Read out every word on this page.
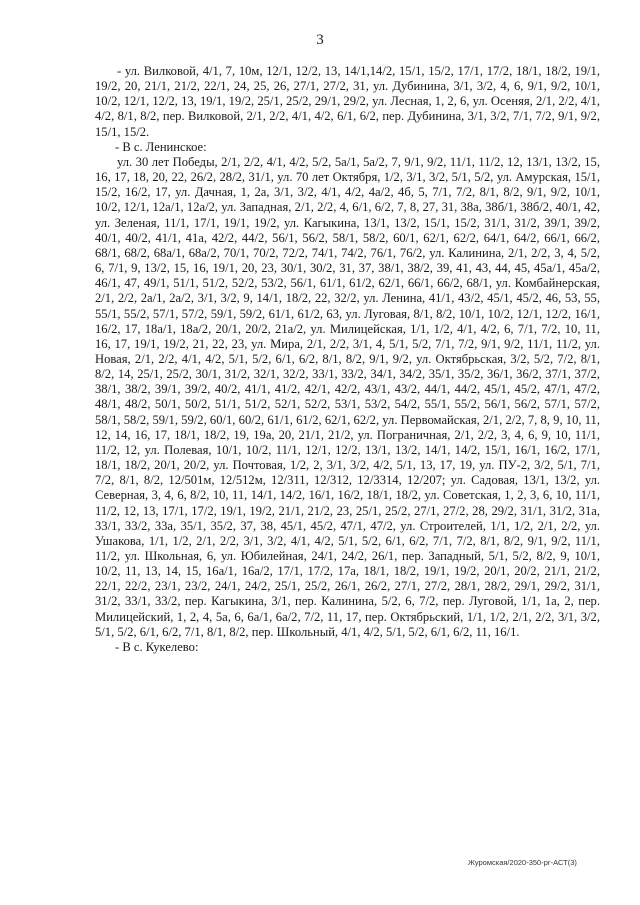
3

- ул. Вилковой, 4/1, 7, 10м, 12/1, 12/2, 13, 14/1,14/2, 15/1, 15/2, 17/1, 17/2, 18/1, 18/2, 19/1, 19/2, 20, 21/1, 21/2, 22/1, 24, 25, 26, 27/1, 27/2, 31, ул. Дубинина, 3/1, 3/2, 4, 6, 9/1, 9/2, 10/1, 10/2, 12/1, 12/2, 13, 19/1, 19/2, 25/1, 25/2, 29/1, 29/2, ул. Лесная, 1, 2, 6, ул. Осеняя, 2/1, 2/2, 4/1, 4/2, 8/1, 8/2, пер. Вилковой, 2/1, 2/2, 4/1, 4/2, 6/1, 6/2, пер. Дубинина, 3/1, 3/2, 7/1, 7/2, 9/1, 9/2, 15/1, 15/2.

- В с. Ленинское:

ул. 30 лет Победы, 2/1, 2/2, 4/1, 4/2, 5/2, 5а/1, 5а/2, 7, 9/1, 9/2, 11/1, 11/2, 12, 13/1, 13/2, 15, 16, 17, 18, 20, 22, 26/2, 28/2, 31/1, ул. 70 лет Октября, 1/2, 3/1, 3/2, 5/1, 5/2, ул. Амурская, 15/1, 15/2, 16/2, 17, ул. Дачная, 1, 2а, 3/1, 3/2, 4/1, 4/2, 4а/2, 4б, 5, 7/1, 7/2, 8/1, 8/2, 9/1, 9/2, 10/1, 10/2, 12/1, 12а/1, 12а/2, ул. Западная, 2/1, 2/2, 4, 6/1, 6/2, 7, 8, 27, 31, 38а, 38б/1, 38б/2, 40/1, 42, ул. Зеленая, 11/1, 17/1, 19/1, 19/2, ул. Кагыкина, 13/1, 13/2, 15/1, 15/2, 31/1, 31/2, 39/1, 39/2, 40/1, 40/2, 41/1, 41а, 42/2, 44/2, 56/1, 56/2, 58/1, 58/2, 60/1, 62/1, 62/2, 64/1, 64/2, 66/1, 66/2, 68/1, 68/2, 68а/1, 68а/2, 70/1, 70/2, 72/2, 74/1, 74/2, 76/1, 76/2, ул. Калинина, 2/1, 2/2, 3, 4, 5/2, 6, 7/1, 9, 13/2, 15, 16, 19/1, 20, 23, 30/1, 30/2, 31, 37, 38/1, 38/2, 39, 41, 43, 44, 45, 45а/1, 45а/2, 46/1, 47, 49/1, 51/1, 51/2, 52/2, 53/2, 56/1, 61/1, 61/2, 62/1, 66/1, 66/2, 68/1, ул. Комбайнерская, 2/1, 2/2, 2а/1, 2а/2, 3/1, 3/2, 9, 14/1, 18/2, 22, 32/2, ул. Ленина, 41/1, 43/2, 45/1, 45/2, 46, 53, 55, 55/1, 55/2, 57/1, 57/2, 59/1, 59/2, 61/1, 61/2, 63, ул. Луговая, 8/1, 8/2, 10/1, 10/2, 12/1, 12/2, 16/1, 16/2, 17, 18а/1, 18а/2, 20/1, 20/2, 21а/2, ул. Милицейская, 1/1, 1/2, 4/1, 4/2, 6, 7/1, 7/2, 10, 11, 16, 17, 19/1, 19/2, 21, 22, 23, ул. Мира, 2/1, 2/2, 3/1, 4, 5/1, 5/2, 7/1, 7/2, 9/1, 9/2, 11/1, 11/2, ул. Новая, 2/1, 2/2, 4/1, 4/2, 5/1, 5/2, 6/1, 6/2, 8/1, 8/2, 9/1, 9/2, ул. Октябрьская, 3/2, 5/2, 7/2, 8/1, 8/2, 14, 25/1, 25/2, 30/1, 31/2, 32/1, 32/2, 33/1, 33/2, 34/1, 34/2, 35/1, 35/2, 36/1, 36/2, 37/1, 37/2, 38/1, 38/2, 39/1, 39/2, 40/2, 41/1, 41/2, 42/1, 42/2, 43/1, 43/2, 44/1, 44/2, 45/1, 45/2, 47/1, 47/2, 48/1, 48/2, 50/1, 50/2, 51/1, 51/2, 52/1, 52/2, 53/1, 53/2, 54/2, 55/1, 55/2, 56/1, 56/2, 57/1, 57/2, 58/1, 58/2, 59/1, 59/2, 60/1, 60/2, 61/1, 61/2, 62/1, 62/2, ул. Первомайская, 2/1, 2/2, 7, 8, 9, 10, 11, 12, 14, 16, 17, 18/1, 18/2, 19, 19а, 20, 21/1, 21/2, ул. Пограничная, 2/1, 2/2, 3, 4, 6, 9, 10, 11/1, 11/2, 12, ул. Полевая, 10/1, 10/2, 11/1, 12/1, 12/2, 13/1, 13/2, 14/1, 14/2, 15/1, 16/1, 16/2, 17/1, 18/1, 18/2, 20/1, 20/2, ул. Почтовая, 1/2, 2, 3/1, 3/2, 4/2, 5/1, 13, 17, 19, ул. ПУ-2, 3/2, 5/1, 7/1, 7/2, 8/1, 8/2, 12/501м, 12/512м, 12/311, 12/312, 12/3314, 12/207; ул. Садовая, 13/1, 13/2, ул. Северная, 3, 4, 6, 8/2, 10, 11, 14/1, 14/2, 16/1, 16/2, 18/1, 18/2, ул. Советская, 1, 2, 3, 6, 10, 11/1, 11/2, 12, 13, 17/1, 17/2, 19/1, 19/2, 21/1, 21/2, 23, 25/1, 25/2, 27/1, 27/2, 28, 29/2, 31/1, 31/2, 31а, 33/1, 33/2, 33а, 35/1, 35/2, 37, 38, 45/1, 45/2, 47/1, 47/2, ул. Строителей, 1/1, 1/2, 2/1, 2/2, ул. Ушакова, 1/1, 1/2, 2/1, 2/2, 3/1, 3/2, 4/1, 4/2, 5/1, 5/2, 6/1, 6/2, 7/1, 7/2, 8/1, 8/2, 9/1, 9/2, 11/1, 11/2, ул. Школьная, 6, ул. Юбилейная, 24/1, 24/2, 26/1, пер. Западный, 5/1, 5/2, 8/2, 9, 10/1, 10/2, 11, 13, 14, 15, 16а/1, 16а/2, 17/1, 17/2, 17а, 18/1, 18/2, 19/1, 19/2, 20/1, 20/2, 21/1, 21/2, 22/1, 22/2, 23/1, 23/2, 24/1, 24/2, 25/1, 25/2, 26/1, 26/2, 27/1, 27/2, 28/1, 28/2, 29/1, 29/2, 31/1, 31/2, 33/1, 33/2, пер. Кагыкина, 3/1, пер. Калинина, 5/2, 6, 7/2, пер. Луговой, 1/1, 1а, 2, пер. Милицейский, 1, 2, 4, 5а, 6, 6а/1, 6а/2, 7/2, 11, 17, пер. Октябрьский, 1/1, 1/2, 2/1, 2/2, 3/1, 3/2, 5/1, 5/2, 6/1, 6/2, 7/1, 8/1, 8/2, пер. Школьный, 4/1, 4/2, 5/1, 5/2, 6/1, 6/2, 11, 16/1.

- В с. Кукелево:

Журомская/2020-350-рг-АСТ(3)
